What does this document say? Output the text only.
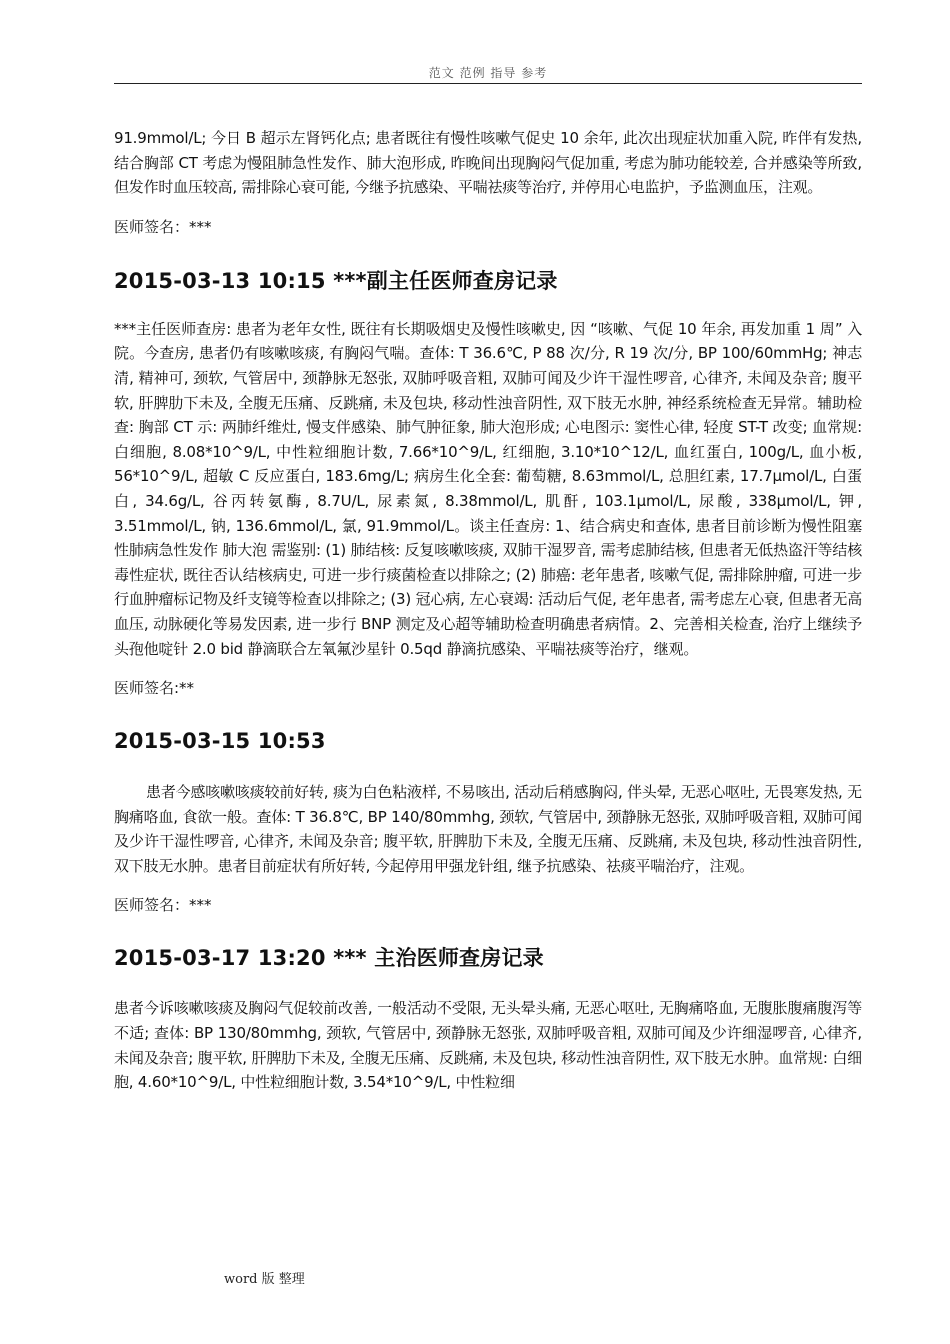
范文 范例 指导 参考

91.9mmol/L; 今日 B 超示左肾钙化点; 患者既往有慢性咳嗽气促史 10 余年, 此次出现症状加重入院, 昨伴有发热, 结合胸部 CT 考虑为慢阻肺急性发作、肺大泡形成, 昨晚间出现胸闷气促加重, 考虑为肺功能较差, 合并感染等所致, 但发作时血压较高, 需排除心衰可能, 今继予抗感染、平喘祛痰等治疗, 并停用心电监护，予监测血压，注观。

医师签名：***

2015-03-13 10:15 ***副主任医师查房记录

***主任医师查房: 患者为老年女性, 既往有长期吸烟史及慢性咳嗽史, 因 “咳嗽、气促 10 年余, 再发加重 1 周” 入院。今查房, 患者仍有咳嗽咳痰, 有胸闷气喘。查体: T 36.6℃, P 88 次/分, R 19 次/分, BP 100/60mmHg; 神志清, 精神可, 颈软, 气管居中, 颈静脉无怒张, 双肺呼吸音粗, 双肺可闻及少许干湿性啰音, 心律齐, 未闻及杂音; 腹平软, 肝脾肋下未及, 全腹无压痛、反跳痛, 未及包块, 移动性浊音阴性, 双下肢无水肿, 神经系统检查无异常。辅助检查: 胸部 CT 示: 两肺纤维灶, 慢支伴感染、肺气肿征象, 肺大泡形成; 心电图示: 窦性心律, 轻度 ST-T 改变; 血常规: 白细胞, 8.08*10^9/L, 中性粒细胞计数, 7.66*10^9/L, 红细胞, 3.10*10^12/L, 血红蛋白, 100g/L, 血小板, 56*10^9/L, 超敏 C 反应蛋白, 183.6mg/L; 病房生化全套: 葡萄糖, 8.63mmol/L, 总胆红素, 17.7μmol/L, 白蛋白, 34.6g/L, 谷丙转氨酶, 8.7U/L, 尿素氮, 8.38mmol/L, 肌酐, 103.1μmol/L, 尿酸, 338μmol/L, 钾, 3.51mmol/L, 钠, 136.6mmol/L, 氯, 91.9mmol/L。谈主任查房: 1、结合病史和查体, 患者目前诊断为慢性阻塞性肺病急性发作 肺大泡 需鉴别: (1) 肺结核: 反复咳嗽咳痰, 双肺干湿罗音, 需考虑肺结核, 但患者无低热盗汗等结核毒性症状, 既往否认结核病史, 可进一步行痰菌检查以排除之; (2) 肺癌: 老年患者, 咳嗽气促, 需排除肿瘤, 可进一步行血肿瘤标记物及纤支镜等检查以排除之; (3) 冠心病, 左心衰竭: 活动后气促, 老年患者, 需考虑左心衰, 但患者无高血压, 动脉硬化等易发因素, 进一步行 BNP 测定及心超等辅助检查明确患者病情。2、完善相关检查, 治疗上继续予头孢他啶针 2.0 bid 静滴联合左氧氟沙星针 0.5qd 静滴抗感染、平喘祛痰等治疗，继观。

医师签名:**

2015-03-15 10:53

患者今感咳嗽咳痰较前好转, 痰为白色粘液样, 不易咳出, 活动后稍感胸闷, 伴头晕, 无恶心呕吐, 无畏寒发热, 无胸痛咯血, 食欲一般。查体: T 36.8℃, BP 140/80mmhg, 颈软, 气管居中, 颈静脉无怒张, 双肺呼吸音粗, 双肺可闻及少许干湿性啰音, 心律齐, 未闻及杂音; 腹平软, 肝脾肋下未及, 全腹无压痛、反跳痛, 未及包块, 移动性浊音阴性, 双下肢无水肿。患者目前症状有所好转, 今起停用甲强龙针组, 继予抗感染、祛痰平喘治疗，注观。

医师签名：***

2015-03-17 13:20 *** 主治医师查房记录

患者今诉咳嗽咳痰及胸闷气促较前改善, 一般活动不受限, 无头晕头痛, 无恶心呕吐, 无胸痛咯血, 无腹胀腹痛腹泻等不适; 查体: BP 130/80mmhg, 颈软, 气管居中, 颈静脉无怒张, 双肺呼吸音粗, 双肺可闻及少许细湿啰音, 心律齐, 未闻及杂音; 腹平软, 肝脾肋下未及, 全腹无压痛、反跳痛, 未及包块, 移动性浊音阴性, 双下肢无水肿。血常规: 白细胞, 4.60*10^9/L, 中性粒细胞计数, 3.54*10^9/L, 中性粒细

word 版 整理
